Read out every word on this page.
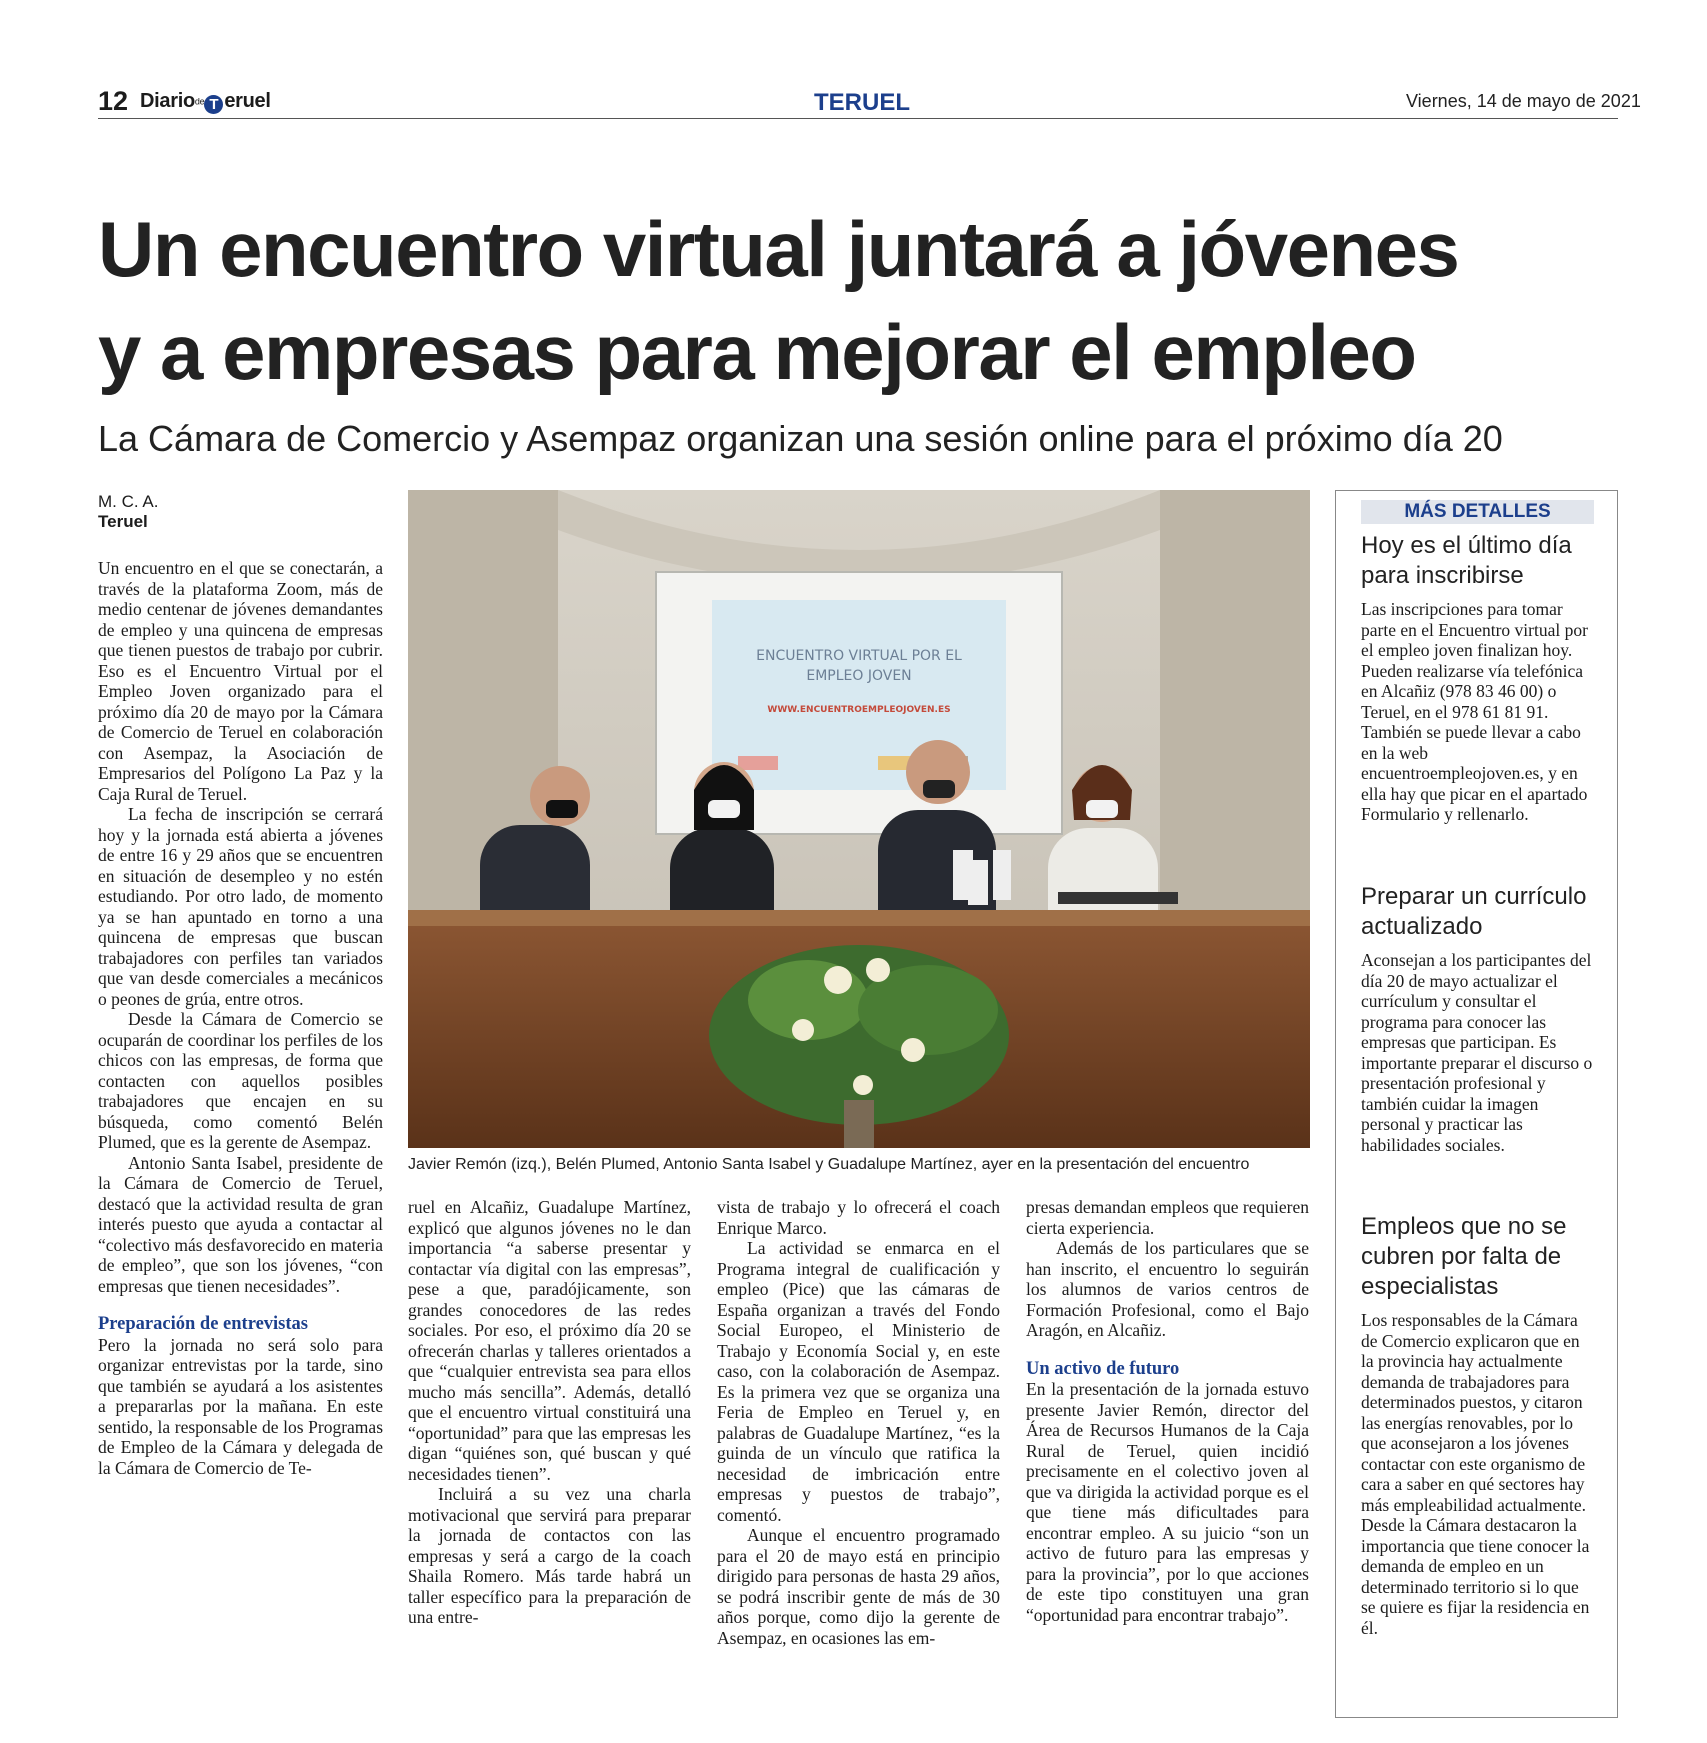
12 Diariode T eruel	TERUEL	Viernes, 14 de mayo de 2021
Un encuentro virtual juntará a jóvenes
y a empresas para mejorar el empleo
La Cámara de Comercio y Asempaz organizan una sesión online para el próximo día 20
M. C. A.
Teruel

Un encuentro en el que se conectarán, a través de la plataforma Zoom, más de medio centenar de jóvenes demandantes de empleo y una quincena de empresas que tienen puestos de trabajo por cubrir. Eso es el Encuentro Virtual por el Empleo Joven organizado para el próximo día 20 de mayo por la Cámara de Comercio de Teruel en colaboración con Asempaz, la Asociación de Empresarios del Polígono La Paz y la Caja Rural de Teruel.

La fecha de inscripción se cerrará hoy y la jornada está abierta a jóvenes de entre 16 y 29 años que se encuentren en situación de desempleo y no estén estudiando. Por otro lado, de momento ya se han apuntado en torno a una quincena de empresas que buscan trabajadores con perfiles tan variados que van desde comerciales a mecánicos o peones de grúa, entre otros.

Desde la Cámara de Comercio se ocuparán de coordinar los perfiles de los chicos con las empresas, de forma que contacten con aquellos posibles trabajadores que encajen en su búsqueda, como comentó Belén Plumed, que es la gerente de Asempaz.

Antonio Santa Isabel, presidente de la Cámara de Comercio de Teruel, destacó que la actividad resulta de gran interés puesto que ayuda a contactar al “colectivo más desfavorecido en materia de empleo”, que son los jóvenes, “con empresas que tienen necesidades”.

Preparación de entrevistas

Pero la jornada no será solo para organizar entrevistas por la tarde, sino que también se ayudará a los asistentes a prepararlas por la mañana. En este sentido, la responsable de los Programas de Empleo de la Cámara y delegada de la Cámara de Comercio de Te-

ENCUENTRO VIRTUAL POR EL
EMPLEO JOVEN
WWW.ENCUENTROEMPLEOJOVEN.ES
Javier Remón (izq.), Belén Plumed, Antonio Santa Isabel y Guadalupe Martínez, ayer en la presentación del encuentro

ruel en Alcañiz, Guadalupe Martínez, explicó que algunos jóvenes no le dan importancia “a saberse presentar y contactar vía digital con las empresas”, pese a que, paradójicamente, son grandes conocedores de las redes sociales. Por eso, el próximo día 20 se ofrecerán charlas y talleres orientados a que “cualquier entrevista sea para ellos mucho más sencilla”. Además, detalló que el encuentro virtual constituirá una “oportunidad” para que las empresas les digan “quiénes son, qué buscan y qué necesidades tienen”.

Incluirá a su vez una charla motivacional que servirá para preparar la jornada de contactos con las empresas y será a cargo de la coach Shaila Romero. Más tarde habrá un taller específico para la preparación de una entre-

vista de trabajo y lo ofrecerá el coach Enrique Marco.

La actividad se enmarca en el Programa integral de cualificación y empleo (Pice) que las cámaras de España organizan a través del Fondo Social Europeo, el Ministerio de Trabajo y Economía Social y, en este caso, con la colaboración de Asempaz. Es la primera vez que se organiza una Feria de Empleo en Teruel y, en palabras de Guadalupe Martínez, “es la guinda de un vínculo que ratifica la necesidad de imbricación entre empresas y puestos de trabajo”, comentó.

Aunque el encuentro programado para el 20 de mayo está en principio dirigido para personas de hasta 29 años, se podrá inscribir gente de más de 30 años porque, como dijo la gerente de Asempaz, en ocasiones las em-

presas demandan empleos que requieren cierta experiencia.

Además de los particulares que se han inscrito, el encuentro lo seguirán los alumnos de varios centros de Formación Profesional, como el Bajo Aragón, en Alcañiz.

Un activo de futuro

En la presentación de la jornada estuvo presente Javier Remón, director del Área de Recursos Humanos de la Caja Rural de Teruel, quien incidió precisamente en el colectivo joven al que va dirigida la actividad porque es el que tiene más dificultades para encontrar empleo. A su juicio “son un activo de futuro para las empresas y para la provincia”, por lo que acciones de este tipo constituyen una gran “oportunidad para encontrar trabajo”.

MÁS DETALLES
Hoy es el último día para inscribirse

Las inscripciones para tomar parte en el Encuentro virtual por el empleo joven finalizan hoy. Pueden realizarse vía telefónica en Alcañiz (978 83 46 00) o Teruel, en el 978 61 81 91. También se puede llevar a cabo en la web encuentroempleojoven.es, y en ella hay que picar en el apartado Formulario y rellenarlo.

Preparar un currículo actualizado

Aconsejan a los participantes del día 20 de mayo actualizar el currículum y consultar el programa para conocer las empresas que participan. Es importante preparar el discurso o presentación profesional y también cuidar la imagen personal y practicar las habilidades sociales.

Empleos que no se cubren por falta de especialistas

Los responsables de la Cámara de Comercio explicaron que en la provincia hay actualmente demanda de trabajadores para determinados puestos, y citaron las energías renovables, por lo que aconsejaron a los jóvenes contactar con este organismo de cara a saber en qué sectores hay más empleabilidad actualmente. Desde la Cámara destacaron la importancia que tiene conocer la demanda de empleo en un determinado territorio si lo que se quiere es fijar la residencia en él.
